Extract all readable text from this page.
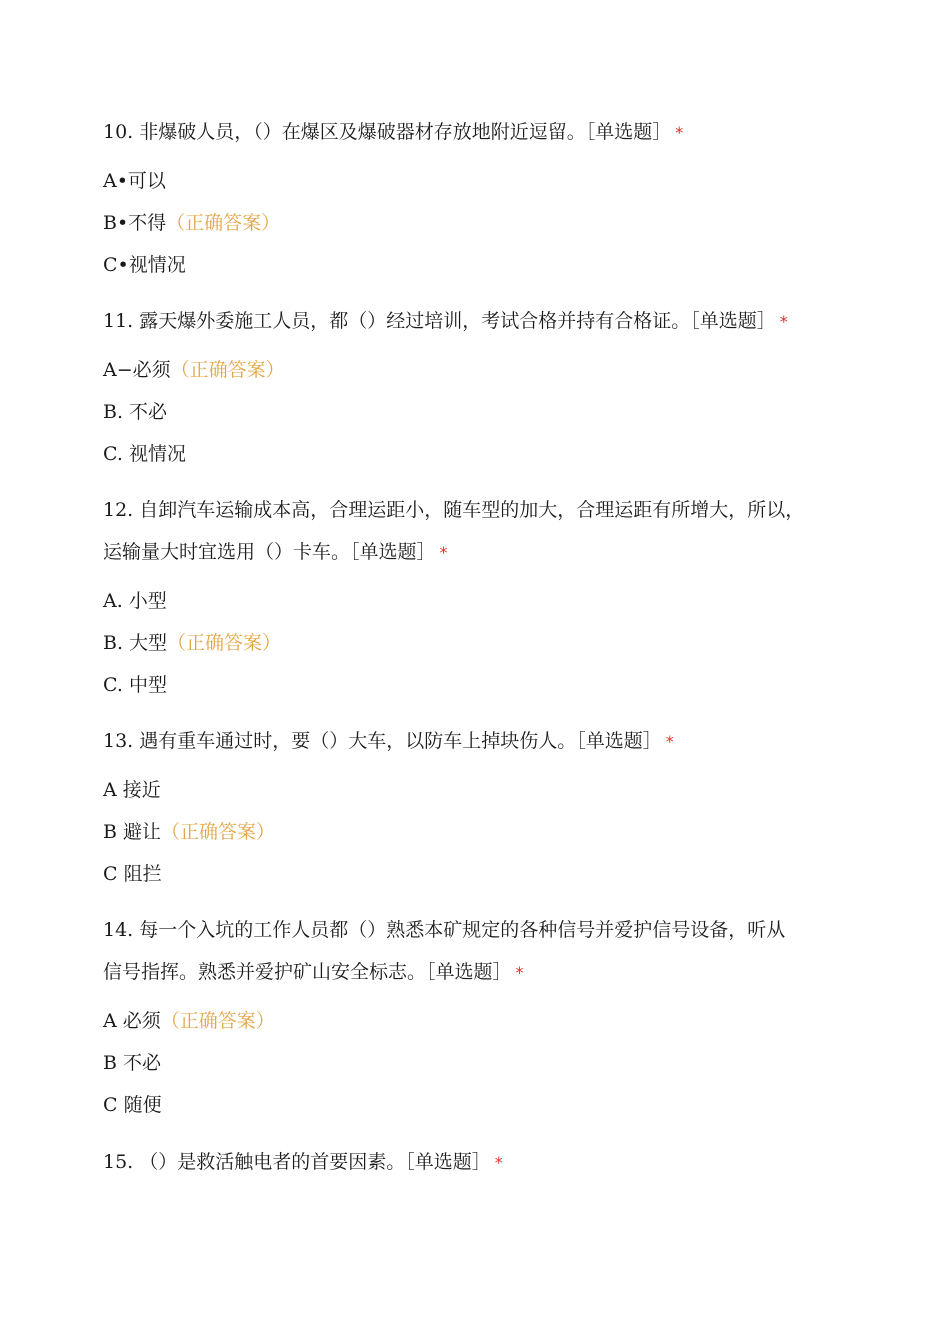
10. 非爆破人员，（）在爆区及爆破器材存放地附近逗留。［单选题］ *

A•可以

B•不得（正确答案）

C•视情况

11. 露天爆外委施工人员，都（）经过培训，考试合格并持有合格证。［单选题］ *

A−必须（正确答案）

B. 不必

C. 视情况

12. 自卸汽车运输成本高，合理运距小，随车型的加大，合理运距有所增大，所以，

运输量大时宜选用（）卡车。［单选题］ *

A. 小型

B. 大型（正确答案）

C. 中型

13. 遇有重车通过时，要（）大车，以防车上掉块伤人。［单选题］ *

A 接近

B 避让（正确答案）

C 阻拦

14. 每一个入坑的工作人员都（）熟悉本矿规定的各种信号并爱护信号设备，听从

信号指挥。熟悉并爱护矿山安全标志。［单选题］ *

A 必须（正确答案）

B 不必

C 随便

15. （）是救活触电者的首要因素。［单选题］ *
